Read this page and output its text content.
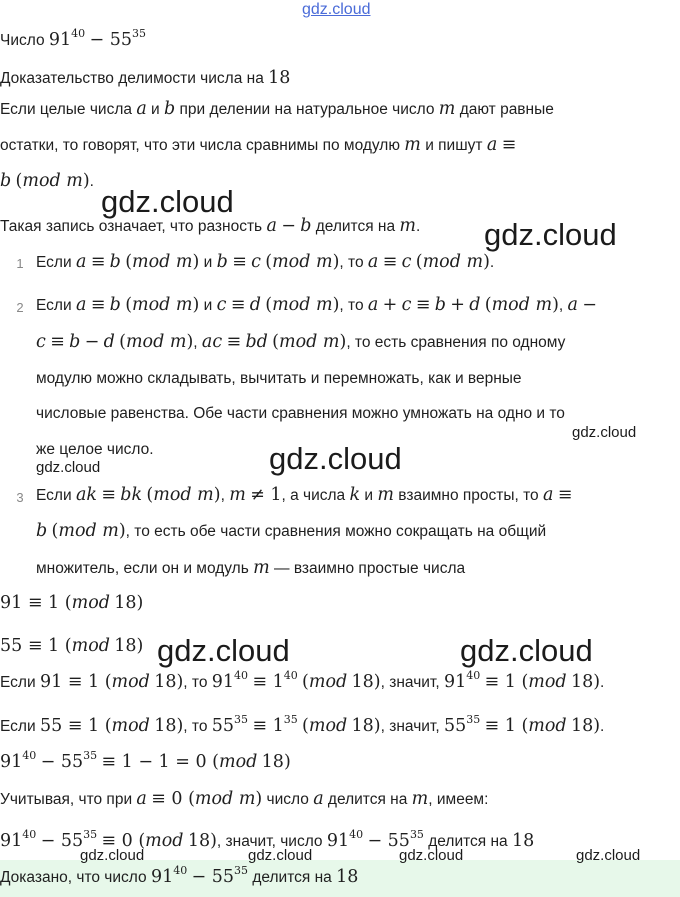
gdz.cloud
Число $91^{40} - 55^{35}$
Доказательство делимости числа на 18
Если целые числа a и b при делении на натуральное число m дают равные
остатки, то говорят, что эти числа сравнимы по модулю m и пишут a ≡
b (mod m).
Такая запись означает, что разность a − b делится на m.
1 Если a ≡ b (mod m) и b ≡ c (mod m), то a ≡ c (mod m).
2 Если a ≡ b (mod m) и c ≡ d (mod m), то a + c ≡ b + d (mod m), a −
c ≡ b − d (mod m), ac ≡ bd (mod m), то есть сравнения по одному
модулю можно складывать, вычитать и перемножать, как и верные
числовые равенства. Обе части сравнения можно умножать на одно и то
же целое число.
3 Если ak ≡ bk (mod m), m ≠ 1, а числа k и m взаимно просты, то a ≡
b (mod m), то есть обе части сравнения можно сокращать на общий
множитель, если он и модуль m — взаимно простые числа
91 ≡ 1 (mod 18)
55 ≡ 1 (mod 18)
Если 91 ≡ 1 (mod 18), то $91^{40} \equiv 1^{40}$ (mod 18), значит, $91^{40} \equiv 1$ (mod 18).
Если 55 ≡ 1 (mod 18), то $55^{35} \equiv 1^{35}$ (mod 18), значит, $55^{35} \equiv 1$ (mod 18).
$91^{40} - 55^{35} \equiv 1 - 1 = 0$ (mod 18)
Учитывая, что при a ≡ 0 (mod m) число a делится на m, имеем:
$91^{40} - 55^{35} \equiv 0$ (mod 18), значит, число $91^{40} - 55^{35}$ делится на 18
Доказано, что число $91^{40} - 55^{35}$ делится на 18
gdz.cloud
gdz.cloud
gdz.cloud
gdz.cloud
gdz.cloud
gdz.cloud	gdz.cloud
gdz.cloud	gdz.cloud	gdz.cloud	gdz.cloud
